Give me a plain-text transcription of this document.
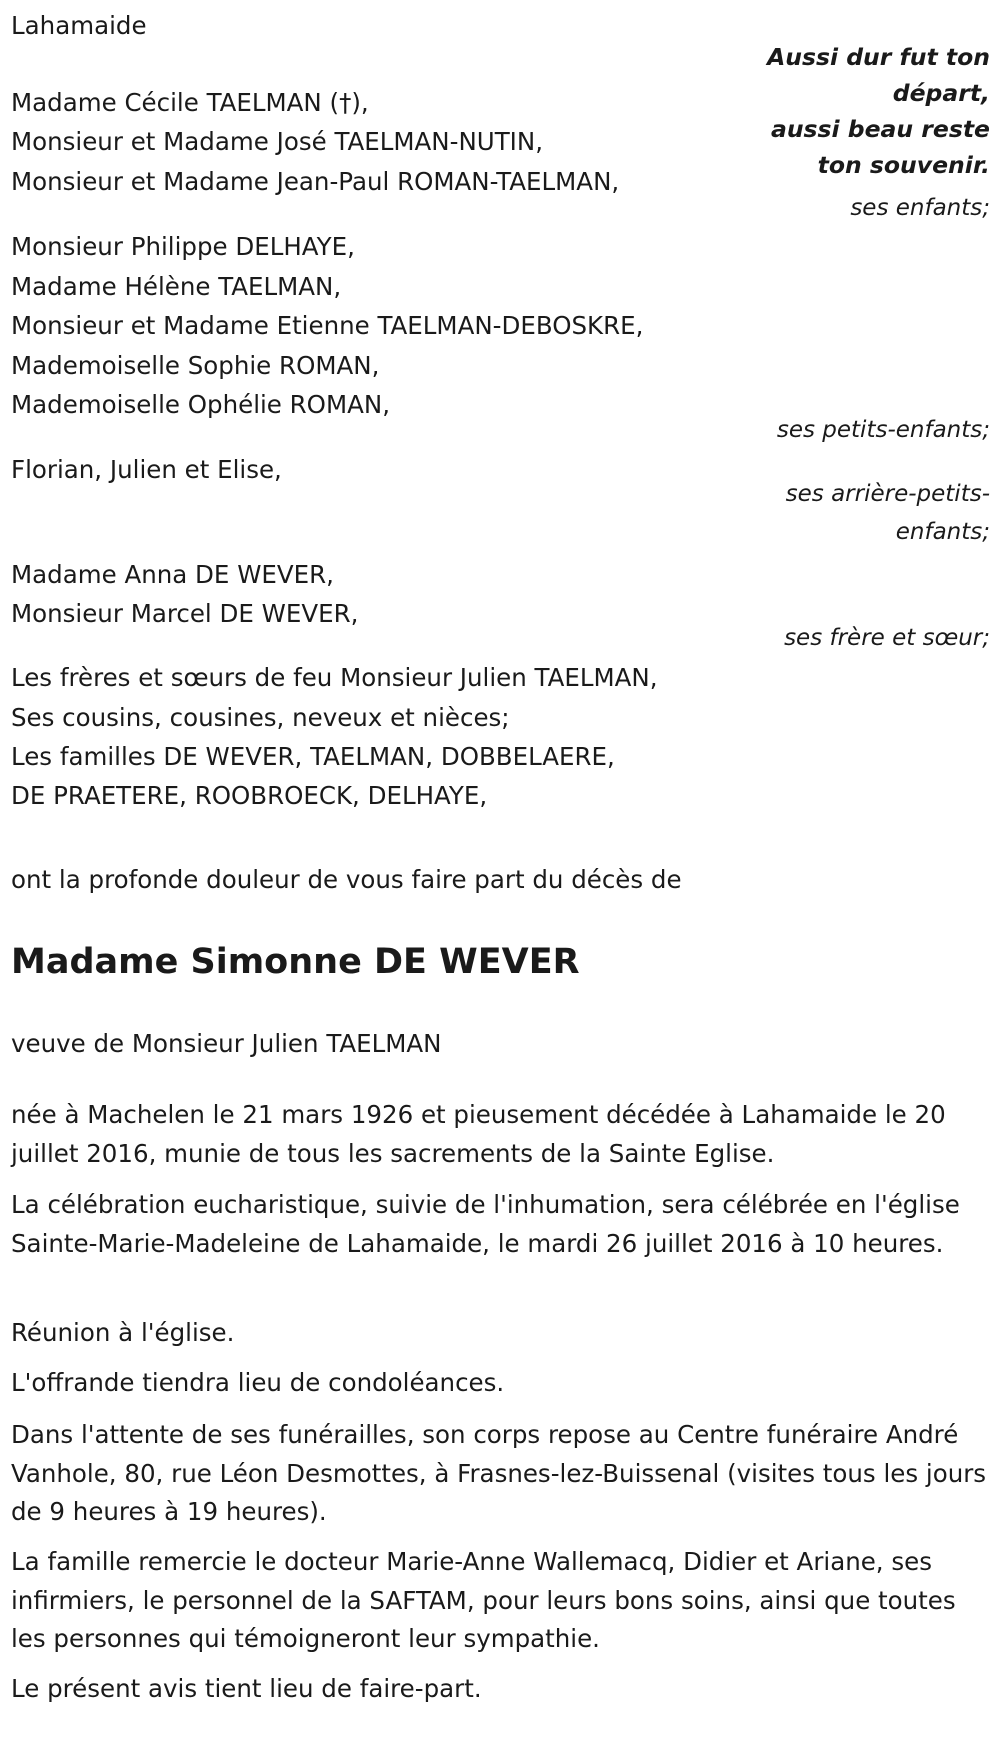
Lahamaide
Aussi dur fut ton
départ,
aussi beau reste
ton souvenir.
Madame Cécile TAELMAN (†),
Monsieur et Madame José TAELMAN-NUTIN,
Monsieur et Madame Jean-Paul ROMAN-TAELMAN,
ses enfants;
Monsieur Philippe DELHAYE,
Madame Hélène TAELMAN,
Monsieur et Madame Etienne TAELMAN-DEBOSKRE,
Mademoiselle Sophie ROMAN,
Mademoiselle Ophélie ROMAN,
ses petits-enfants;
Florian, Julien et Elise,
ses arrière-petits-
enfants;
Madame Anna DE WEVER,
Monsieur Marcel DE WEVER,
ses frère et sœur;
Les frères et sœurs de feu Monsieur Julien TAELMAN,
Ses cousins, cousines, neveux et nièces;
Les familles DE WEVER, TAELMAN, DOBBELAERE,
DE PRAETERE, ROOBROECK, DELHAYE,
ont la profonde douleur de vous faire part du décès de
Madame Simonne DE WEVER
veuve de Monsieur Julien TAELMAN
née à Machelen le 21 mars 1926 et pieusement décédée à Lahamaide le 20 juillet 2016, munie de tous les sacrements de la Sainte Eglise.
La célébration eucharistique, suivie de l'inhumation, sera célébrée en l'église Sainte-Marie-Madeleine de Lahamaide, le mardi 26 juillet 2016 à 10 heures.
Réunion à l'église.
L'offrande tiendra lieu de condoléances.
Dans l'attente de ses funérailles, son corps repose au Centre funéraire André Vanhole, 80, rue Léon Desmottes, à Frasnes-lez-Buissenal (visites tous les jours de 9 heures à 19 heures).
La famille remercie le docteur Marie-Anne Wallemacq, Didier et Ariane, ses infirmiers, le personnel de la SAFTAM, pour leurs bons soins, ainsi que toutes les personnes qui témoigneront leur sympathie.
Le présent avis tient lieu de faire-part.
